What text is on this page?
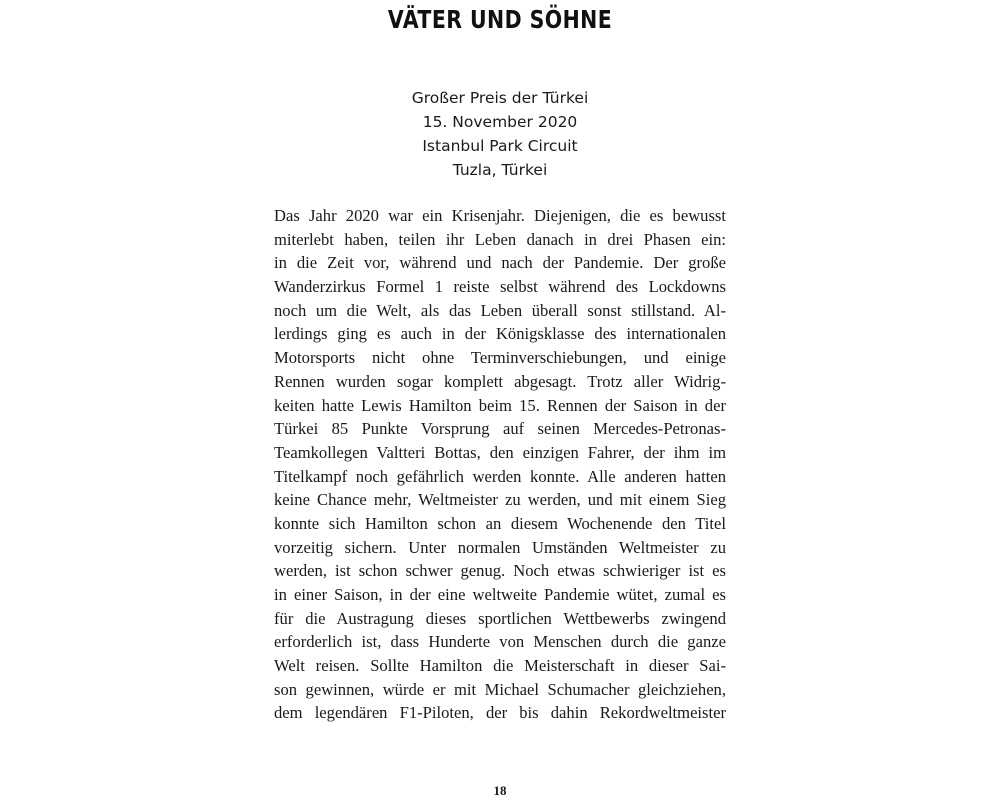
VÄTER UND SÖHNE
Großer Preis der Türkei
15. November 2020
Istanbul Park Circuit
Tuzla, Türkei
Das Jahr 2020 war ein Krisenjahr. Diejenigen, die es bewusst
miterlebt haben, teilen ihr Leben danach in drei Phasen ein:
in die Zeit vor, während und nach der Pandemie. Der große
Wanderzirkus Formel 1 reiste selbst während des Lockdowns
noch um die Welt, als das Leben überall sonst stillstand. Al-
lerdings ging es auch in der Königsklasse des internationalen
Motorsports nicht ohne Terminverschiebungen, und einige
Rennen wurden sogar komplett abgesagt. Trotz aller Widrig-
keiten hatte Lewis Hamilton beim 15. Rennen der Saison in der
Türkei 85 Punkte Vorsprung auf seinen Mercedes-Petronas-
Teamkollegen Valtteri Bottas, den einzigen Fahrer, der ihm im
Titelkampf noch gefährlich werden konnte. Alle anderen hatten
keine Chance mehr, Weltmeister zu werden, und mit einem Sieg
konnte sich Hamilton schon an diesem Wochenende den Titel
vorzeitig sichern. Unter normalen Umständen Weltmeister zu
werden, ist schon schwer genug. Noch etwas schwieriger ist es
in einer Saison, in der eine weltweite Pandemie wütet, zumal es
für die Austragung dieses sportlichen Wettbewerbs zwingend
erforderlich ist, dass Hunderte von Menschen durch die ganze
Welt reisen. Sollte Hamilton die Meisterschaft in dieser Sai-
son gewinnen, würde er mit Michael Schumacher gleichziehen,
dem legendären F1-Piloten, der bis dahin Rekordweltmeister
18
